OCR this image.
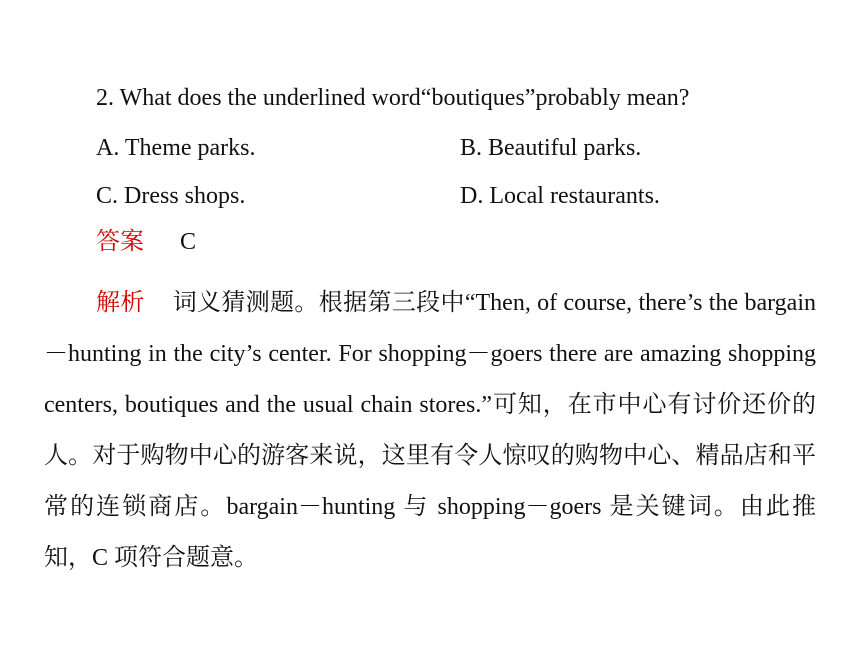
2. What does the underlined word“boutiques”probably mean?
A. Theme parks.	B. Beautiful parks.
C. Dress shops.	D. Local restaurants.
答案 C

解析 词义猜测题。根据第三段中“Then, of course, there’s the bargain－hunting in the city’s center. For shopping－goers there are amazing shopping centers, boutiques and the usual chain stores.”可知，在市中心有讨价还价的人。对于购物中心的游客来说，这里有令人惊叹的购物中心、精品店和平常的连锁商店。bargain－hunting 与 shopping－goers 是关键词。由此推知，C 项符合题意。
